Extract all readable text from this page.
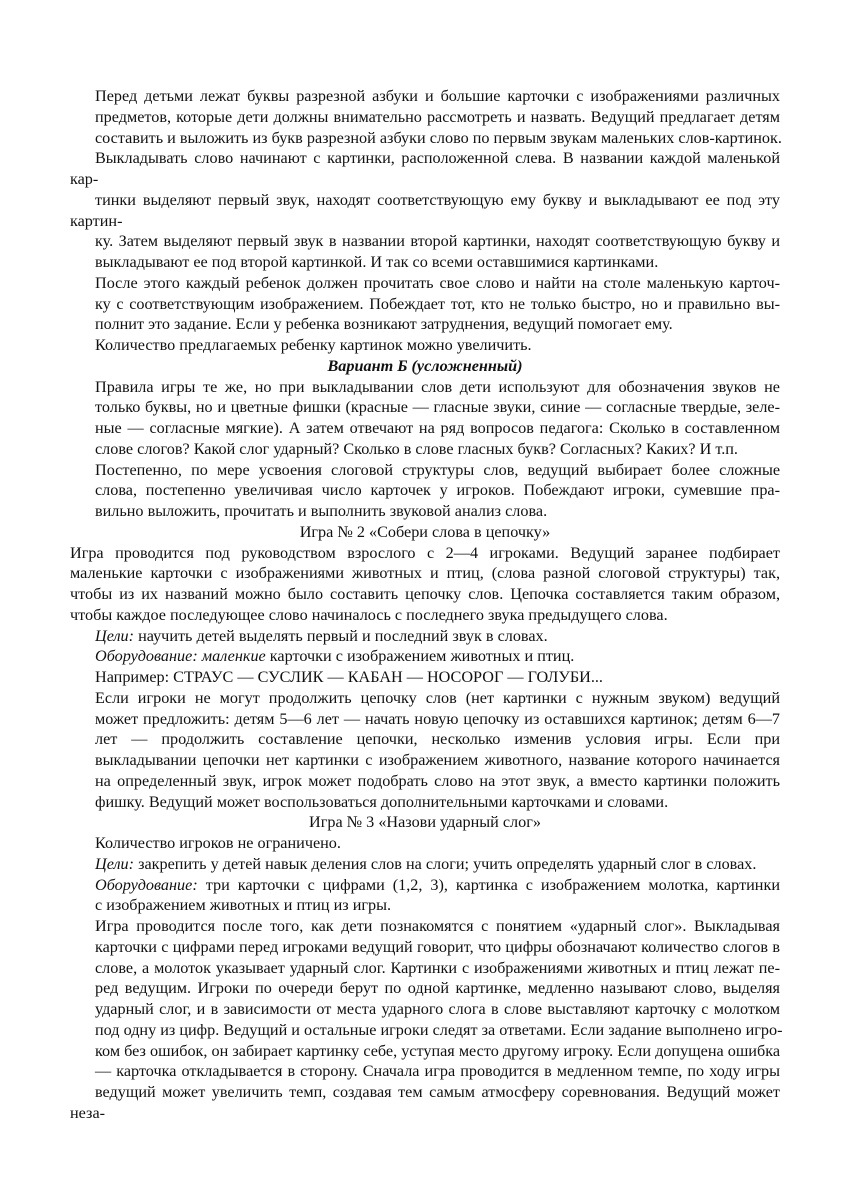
Перед детьми лежат буквы разрезной азбуки и большие карточки с изображениями различных
предметов, которые дети должны внимательно рассмотреть и назвать. Ведущий предлагает детям
составить и выложить из букв разрезной азбуки слово по первым звукам маленьких слов-картинок.
Выкладывать слово начинают с картинки, расположенной слева. В названии каждой маленькой кар-
тинки выделяют первый звук, находят соответствующую ему букву и выкладывают ее под эту картин-
ку. Затем выделяют первый звук в названии второй картинки, находят соответствующую букву и
выкладывают ее под второй картинкой. И так со всеми оставшимися картинками.
После этого каждый ребенок должен прочитать свое слово и найти на столе маленькую карточ-
ку с соответствующим изображением. Побеждает тот, кто не только быстро, но и правильно вы-
полнит это задание. Если у ребенка возникают затруднения, ведущий помогает ему.
Количество предлагаемых ребенку картинок можно увеличить.
Вариант Б (усложненный)
Правила игры те же, но при выкладывании слов дети используют для обозначения звуков не
только буквы, но и цветные фишки (красные — гласные звуки, синие — согласные твердые, зеле-
ные — согласные мягкие). А затем отвечают на ряд вопросов педагога: Сколько в составленном
слове слогов? Какой слог ударный? Сколько в слове гласных букв? Согласных? Каких? И т.п.
Постепенно, по мере усвоения слоговой структуры слов, ведущий выбирает более сложные
слова, постепенно увеличивая число карточек у игроков. Побеждают игроки, сумевшие пра-
вильно выложить, прочитать и выполнить звуковой анализ слова.
Игра № 2 «Собери слова в цепочку»
Игра проводится под руководством взрослого с 2—4 игроками. Ведущий заранее подбирает
маленькие карточки с изображениями животных и птиц, (слова разной слоговой структуры) так,
чтобы из их названий можно было составить цепочку слов. Цепочка составляется таким образом,
чтобы каждое последующее слово начиналось с последнего звука предыдущего слова.
Цели: научить детей выделять первый и последний звук в словах.
Оборудование: маленкие карточки с изображением животных и птиц.
Например: СТРАУС — СУСЛИК — КАБАН — НОСОРОГ — ГОЛУБИ...
Если игроки не могут продолжить цепочку слов (нет картинки с нужным звуком) ведущий
может предложить: детям 5—6 лет — начать новую цепочку из оставшихся картинок; детям 6—7
лет — продолжить составление цепочки, несколько изменив условия игры. Если при
выкладывании цепочки нет картинки с изображением животного, название которого начинается
на определенный звук, игрок может подобрать слово на этот звук, а вместо картинки положить
фишку. Ведущий может воспользоваться дополнительными карточками и словами.
Игра № 3 «Назови ударный слог»
Количество игроков не ограничено.
Цели: закрепить у детей навык деления слов на слоги; учить определять ударный слог в словах.
Оборудование: три карточки с цифрами (1,2, 3), картинка с изображением молотка, картинки
с изображением животных и птиц из игры.
Игра проводится после того, как дети познакомятся с понятием «ударный слог». Выкладывая
карточки с цифрами перед игроками ведущий говорит, что цифры обозначают количество слогов в
слове, а молоток указывает ударный слог. Картинки с изображениями животных и птиц лежат пе-
ред ведущим. Игроки по очереди берут по одной картинке, медленно называют слово, выделяя
ударный слог, и в зависимости от места ударного слога в слове выставляют карточку с молотком
под одну из цифр. Ведущий и остальные игроки следят за ответами. Если задание выполнено игро-
ком без ошибок, он забирает картинку себе, уступая место другому игроку. Если допущена ошибка
— карточка откладывается в сторону. Сначала игра проводится в медленном темпе, по ходу игры
ведущий может увеличить темп, создавая тем самым атмосферу соревнования. Ведущий может неза-
